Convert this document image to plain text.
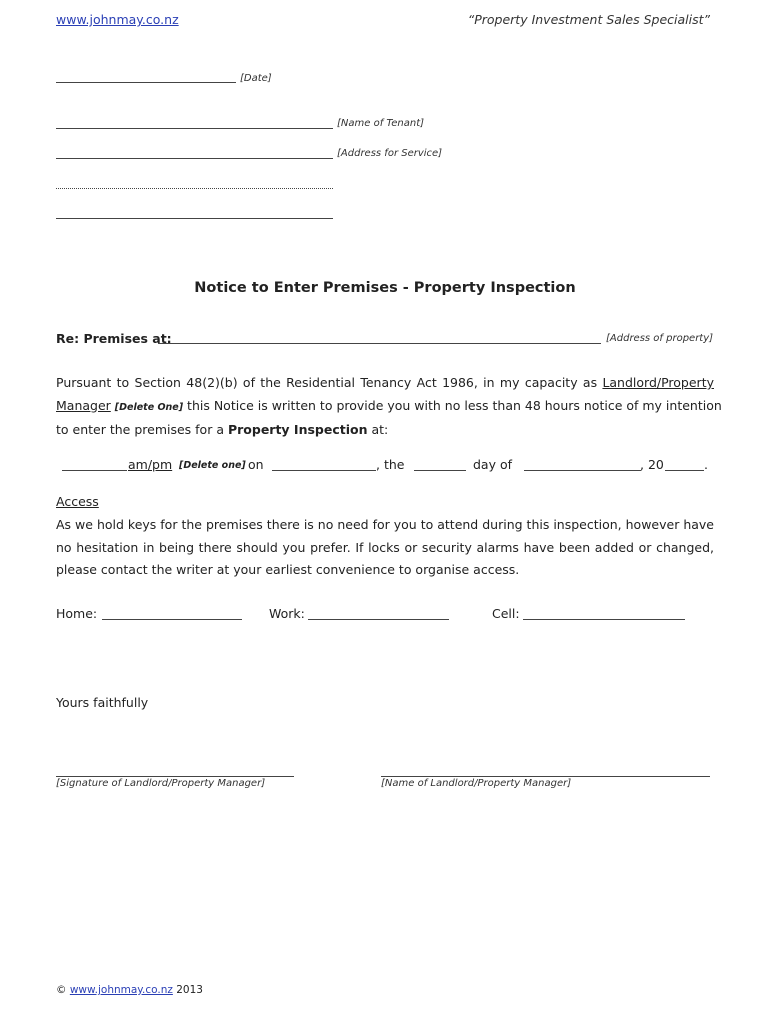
www.johnmay.co.nz	“Property Investment Sales Specialist”
[Date]
[Name of Tenant]
[Address for Service]
Notice to Enter Premises - Property Inspection
Re: Premises at:	[Address of property]
Pursuant to Section 48(2)(b) of the Residential Tenancy Act 1986, in my capacity as Landlord/Property
Manager [Delete One] this Notice is written to provide you with no less than 48 hours notice of my intention
to enter the premises for a Property Inspection at:
am/pm [Delete one] on	, the	day of	, 20	.
Access
As we hold keys for the premises there is no need for you to attend during this inspection, however have
no hesitation in being there should you prefer. If locks or security alarms have been added or changed,
please contact the writer at your earliest convenience to organise access.
Home:	Work:	Cell:
Yours faithfully
[Signature of Landlord/Property Manager]	[Name of Landlord/Property Manager]
© www.johnmay.co.nz 2013
